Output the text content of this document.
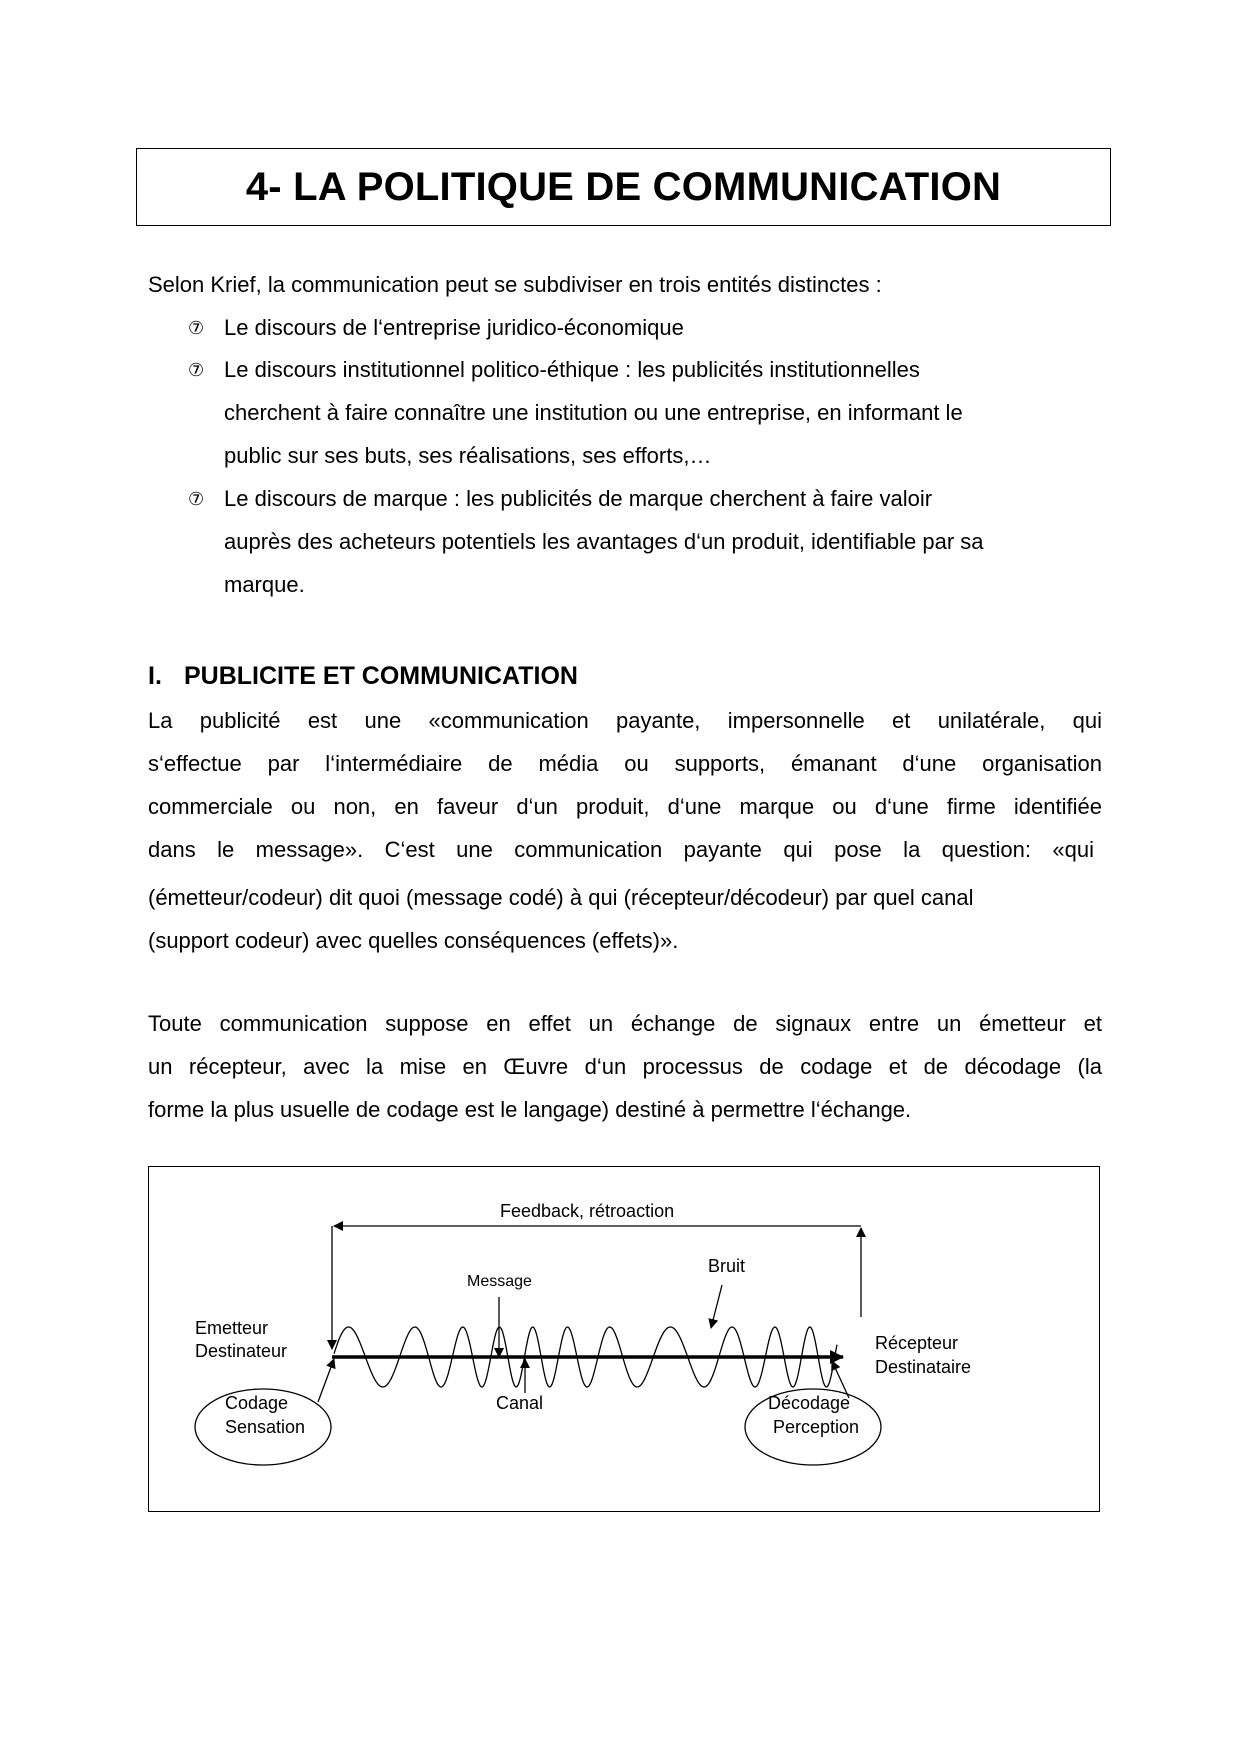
4- LA POLITIQUE DE COMMUNICATION
Selon Krief, la communication peut se subdiviser en trois entités distinctes :
⑦ Le discours de l‘entreprise juridico-économique
⑦ Le discours institutionnel politico-éthique : les publicités institutionnelles
cherchent à faire connaître une institution ou une entreprise, en informant le
public sur ses buts, ses réalisations, ses efforts,…
⑦ Le discours de marque : les publicités de marque cherchent à faire valoir
auprès des acheteurs potentiels les avantages d‘un produit, identifiable par sa
marque.
I. PUBLICITE ET COMMUNICATION
La publicité est une «communication payante, impersonnelle et unilatérale, qui
s‘effectue par l‘intermédiaire de média ou supports, émanant d‘une organisation
commerciale ou non, en faveur d‘un produit, d‘une marque ou d‘une firme identifiée
dans le message». C‘est une communication payante qui pose la question: «qui
(émetteur/codeur) dit quoi (message codé) à qui (récepteur/décodeur) par quel canal
(support codeur) avec quelles conséquences (effets)».
Toute communication suppose en effet un échange de signaux entre un émetteur et
un récepteur, avec la mise en Œuvre d‘un processus de codage et de décodage (la
forme la plus usuelle de codage est le langage) destiné à permettre l‘échange.
Feedback, rétroaction
Message
Bruit
Emetteur
Destinateur	Récepteur
Destinataire
Canal
Codage
Sensation
Décodage
Perception
